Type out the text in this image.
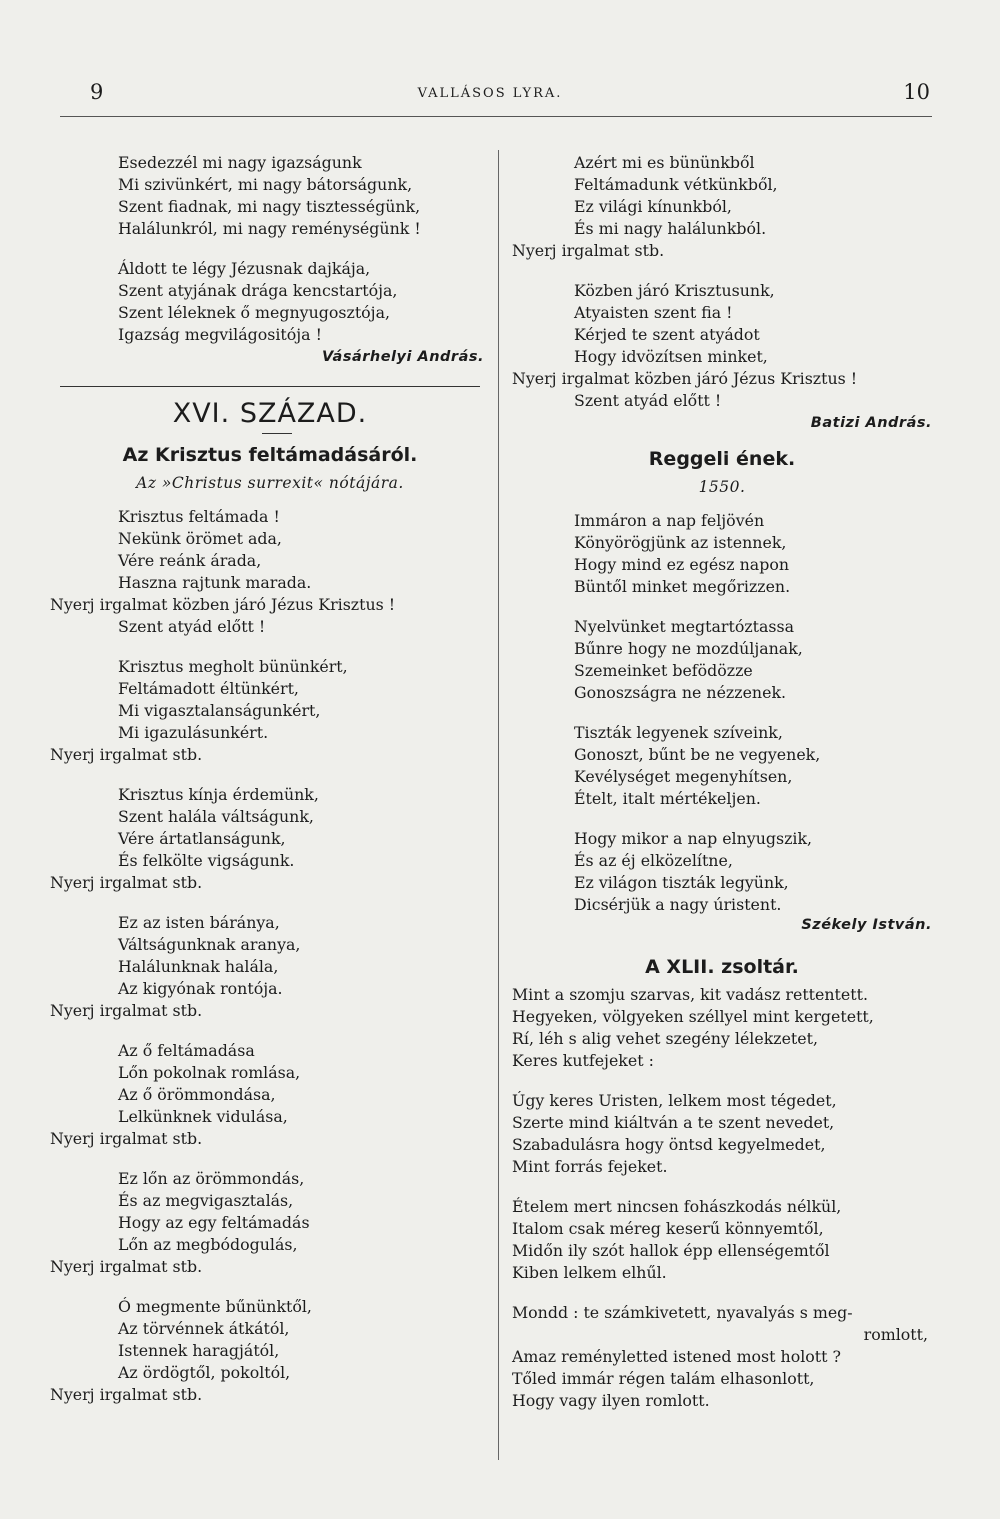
9	VALLÁSOS LYRA.	10
Esedezzél mi nagy igazságunk
Mi szivünkért, mi nagy bátorságunk,
Szent fiadnak, mi nagy tisztességünk,
Halálunkról, mi nagy reménységünk !
Áldott te légy Jézusnak dajkája,
Szent atyjának drága kencstartója,
Szent léleknek ő megnyugosztója,
Igazság megvilágositója !
Vásárhelyi András.
XVI. SZÁZAD.
Az Krisztus feltámadásáról.
Az »Christus surrexit« nótájára.
Krisztus feltámada !
Nekünk örömet ada,
Vére reánk árada,
Haszna rajtunk marada.
Nyerj irgalmat közben járó Jézus Krisztus !
Szent atyád előtt !
Krisztus megholt bününkért,
Feltámadott éltünkért,
Mi vigasztalanságunkért,
Mi igazulásunkért.
Nyerj irgalmat stb.
Krisztus kínja érdemünk,
Szent halála váltságunk,
Vére ártatlanságunk,
És felkölte vigságunk.
Nyerj irgalmat stb.
Ez az isten báránya,
Váltságunknak aranya,
Halálunknak halála,
Az kigyónak rontója.
Nyerj irgalmat stb.
Az ő feltámadása
Lőn pokolnak romlása,
Az ő örömmondása,
Lelkünknek vidulása,
Nyerj irgalmat stb.
Ez lőn az örömmondás,
És az megvigasztalás,
Hogy az egy feltámadás
Lőn az megbódogulás,
Nyerj irgalmat stb.
Ó megmente bűnünktől,
Az törvénnek átkától,
Istennek haragjától,
Az ördögtől, pokoltól,
Nyerj irgalmat stb.
Azért mi es bününkből
Feltámadunk vétkünkből,
Ez világi kínunkból,
És mi nagy halálunkból.
Nyerj irgalmat stb.
Közben járó Krisztusunk,
Atyaisten szent fia !
Kérjed te szent atyádot
Hogy idvözítsen minket,
Nyerj irgalmat közben járó Jézus Krisztus !
Szent atyád előtt !
Batizi András.
Reggeli ének.
1550.
Immáron a nap feljövén
Könyörögjünk az istennek,
Hogy mind ez egész napon
Büntől minket megőrizzen.
Nyelvünket megtartóztassa
Bűnre hogy ne mozdúljanak,
Szemeinket befödözze
Gonoszságra ne nézzenek.
Tiszták legyenek szíveink,
Gonoszt, bűnt be ne vegyenek,
Kevélységet megenyhítsen,
Ételt, italt mértékeljen.
Hogy mikor a nap elnyugszik,
És az éj elközelítne,
Ez világon tiszták legyünk,
Dicsérjük a nagy úristent.
Székely István.
A XLII. zsoltár.
Mint a szomju szarvas, kit vadász rettentett.
Hegyeken, völgyeken széllyel mint kergetett,
Rí, léh s alig vehet szegény lélekzetet,
Keres kutfejeket :
Úgy keres Uristen, lelkem most tégedet,
Szerte mind kiáltván a te szent nevedet,
Szabadulásra hogy öntsd kegyelmedet,
Mint forrás fejeket.
Ételem mert nincsen fohászkodás nélkül,
Italom csak méreg keserű könnyemtől,
Midőn ily szót hallok épp ellenségemtől
Kiben lelkem elhűl.
Mondd : te számkivetett, nyavalyás s meg-
romlott,
Amaz reményletted istened most holott ?
Tőled immár régen talám elhasonlott,
Hogy vagy ilyen romlott.
